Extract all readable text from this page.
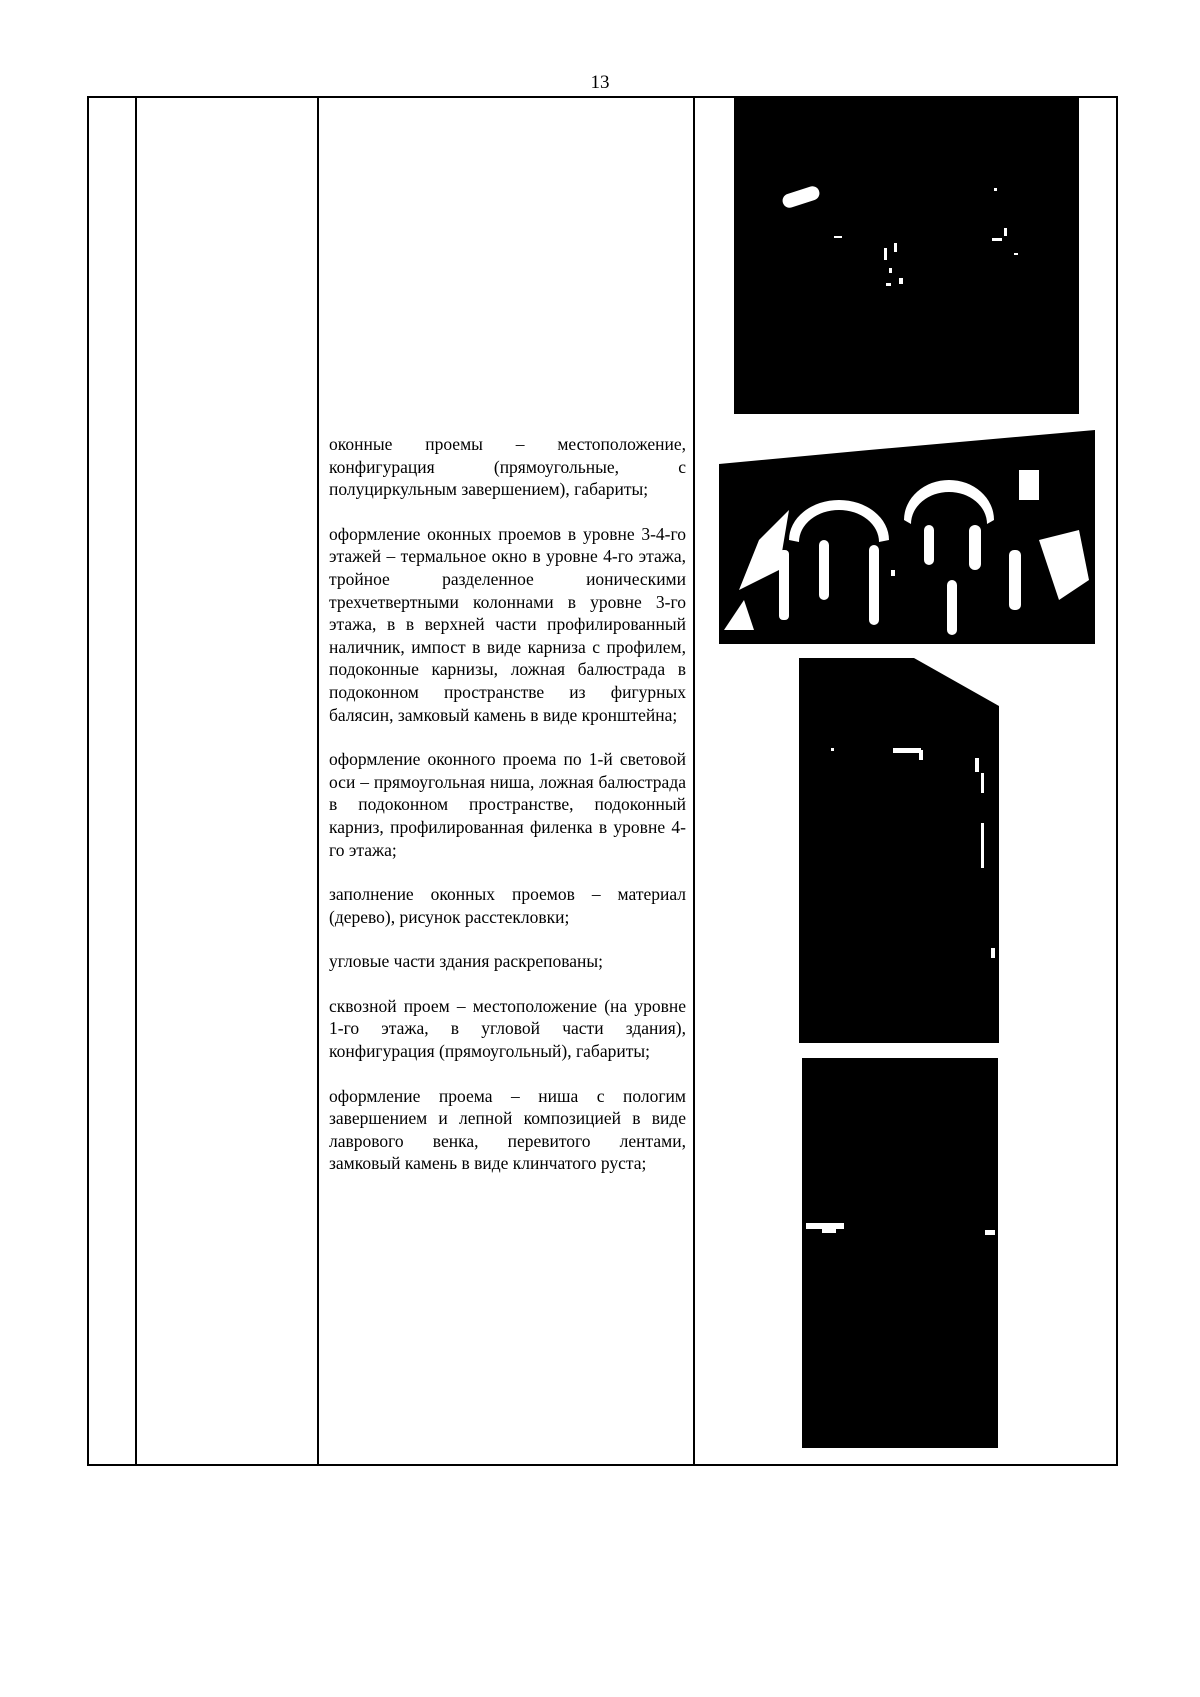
13

оконные проемы – местоположение, конфигурация (прямоугольные, с полуциркульным завершением), габариты;

оформление оконных проемов в уровне 3-4-го этажей – термальное окно в уровне 4-го этажа, тройное разделенное ионическими трехчетвертными колоннами в уровне 3-го этажа, в в верхней части профилированный наличник, импост в виде карниза с профилем, подоконные карнизы, ложная балюстрада в подоконном пространстве из фигурных балясин, замковый камень в виде кронштейна;

оформление оконного проема по 1-й световой оси – прямоугольная ниша, ложная балюстрада в подоконном пространстве, подоконный карниз, профилированная филенка в уровне 4-го этажа;

заполнение оконных проемов – материал (дерево), рисунок расстекловки;

угловые части здания раскрепованы;

сквозной проем – местоположение (на уровне 1-го этажа, в угловой части здания), конфигурация (прямоугольный), габариты;

оформление проема – ниша с пологим завершением и лепной композицией в виде лаврового венка, перевитого лентами, замковый камень в виде клинчатого руста;
